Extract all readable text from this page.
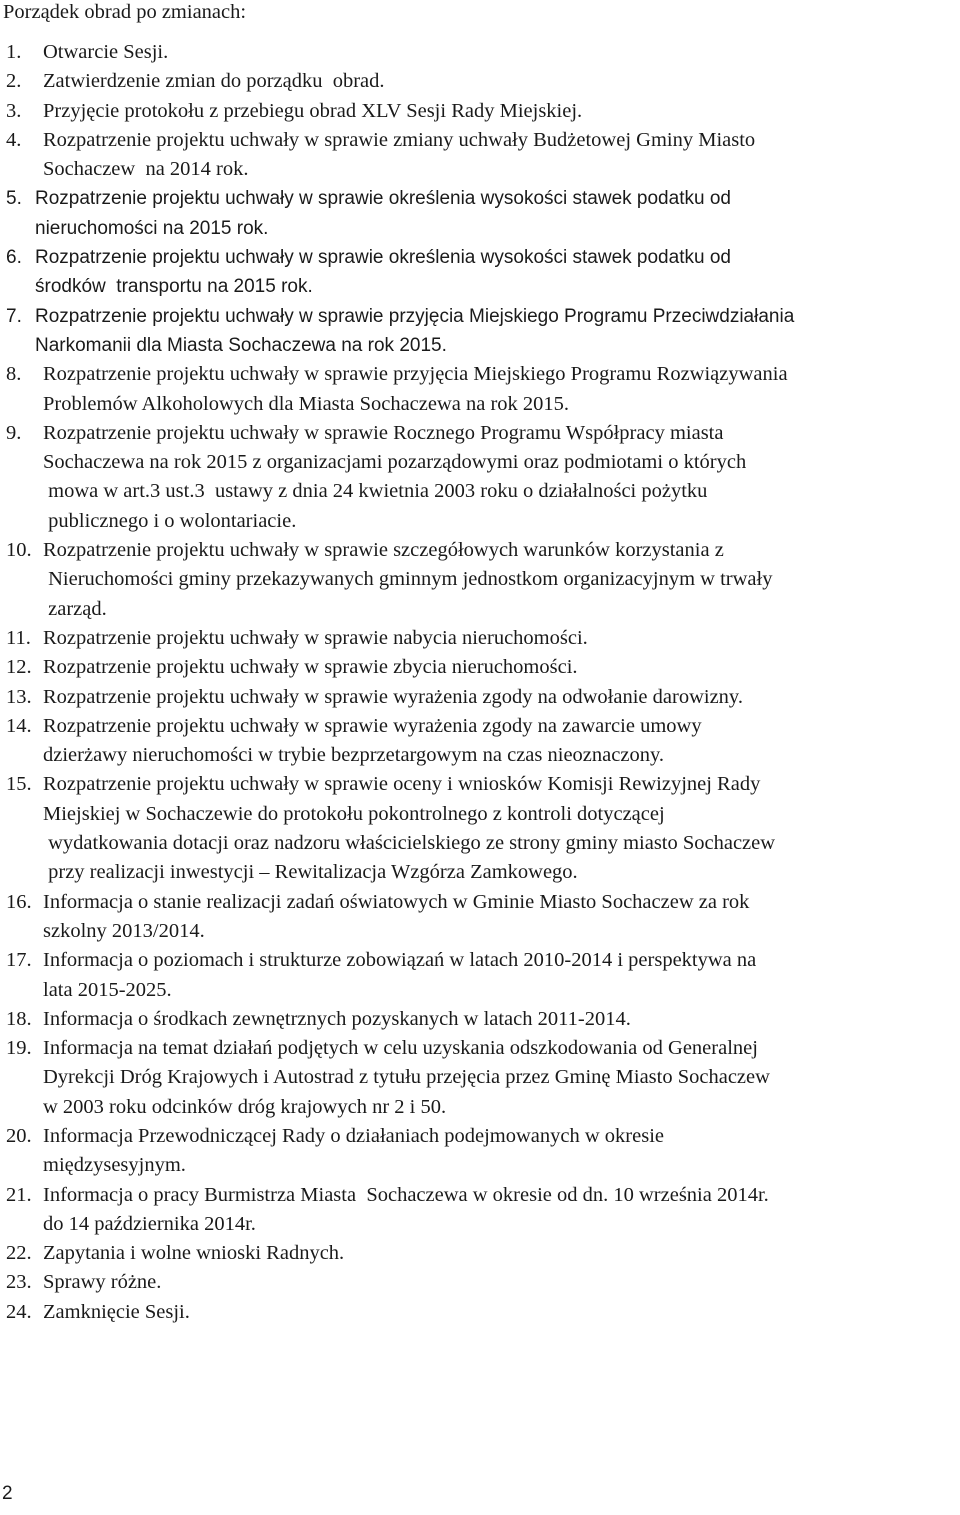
Porządek obrad po zmianach:
1. Otwarcie Sesji.
2. Zatwierdzenie zmian do porządku  obrad.
3. Przyjęcie protokołu z przebiegu obrad XLV Sesji Rady Miejskiej.
4. Rozpatrzenie projektu uchwały w sprawie zmiany uchwały Budżetowej Gminy Miasto
Sochaczew  na 2014 rok.
5. Rozpatrzenie projektu uchwały w sprawie określenia wysokości stawek podatku od
nieruchomości na 2015 rok.
6. Rozpatrzenie projektu uchwały w sprawie określenia wysokości stawek podatku od
środków  transportu na 2015 rok.
7. Rozpatrzenie projektu uchwały w sprawie przyjęcia Miejskiego Programu Przeciwdziałania
Narkomanii dla Miasta Sochaczewa na rok 2015.
8. Rozpatrzenie projektu uchwały w sprawie przyjęcia Miejskiego Programu Rozwiązywania
Problemów Alkoholowych dla Miasta Sochaczewa na rok 2015.
9. Rozpatrzenie projektu uchwały w sprawie Rocznego Programu Współpracy miasta
Sochaczewa na rok 2015 z organizacjami pozarządowymi oraz podmiotami o których
mowa w art.3 ust.3  ustawy z dnia 24 kwietnia 2003 roku o działalności pożytku
publicznego i o wolontariacie.
10. Rozpatrzenie projektu uchwały w sprawie szczegółowych warunków korzystania z
Nieruchomości gminy przekazywanych gminnym jednostkom organizacyjnym w trwały
zarząd.
11. Rozpatrzenie projektu uchwały w sprawie nabycia nieruchomości.
12. Rozpatrzenie projektu uchwały w sprawie zbycia nieruchomości.
13. Rozpatrzenie projektu uchwały w sprawie wyrażenia zgody na odwołanie darowizny.
14. Rozpatrzenie projektu uchwały w sprawie wyrażenia zgody na zawarcie umowy
dzierżawy nieruchomości w trybie bezprzetargowym na czas nieoznaczony.
15. Rozpatrzenie projektu uchwały w sprawie oceny i wniosków Komisji Rewizyjnej Rady
Miejskiej w Sochaczewie do protokołu pokontrolnego z kontroli dotyczącej
wydatkowania dotacji oraz nadzoru właścicielskiego ze strony gminy miasto Sochaczew
przy realizacji inwestycji – Rewitalizacja Wzgórza Zamkowego.
16. Informacja o stanie realizacji zadań oświatowych w Gminie Miasto Sochaczew za rok
szkolny 2013/2014.
17. Informacja o poziomach i strukturze zobowiązań w latach 2010-2014 i perspektywa na
lata 2015-2025.
18. Informacja o środkach zewnętrznych pozyskanych w latach 2011-2014.
19. Informacja na temat działań podjętych w celu uzyskania odszkodowania od Generalnej
Dyrekcji Dróg Krajowych i Autostrad z tytułu przejęcia przez Gminę Miasto Sochaczew
w 2003 roku odcinków dróg krajowych nr 2 i 50.
20. Informacja Przewodniczącej Rady o działaniach podejmowanych w okresie
międzysesyjnym.
21. Informacja o pracy Burmistrza Miasta  Sochaczewa w okresie od dn. 10 września 2014r.
do 14 października 2014r.
22. Zapytania i wolne wnioski Radnych.
23. Sprawy różne.
24. Zamknięcie Sesji.
2
